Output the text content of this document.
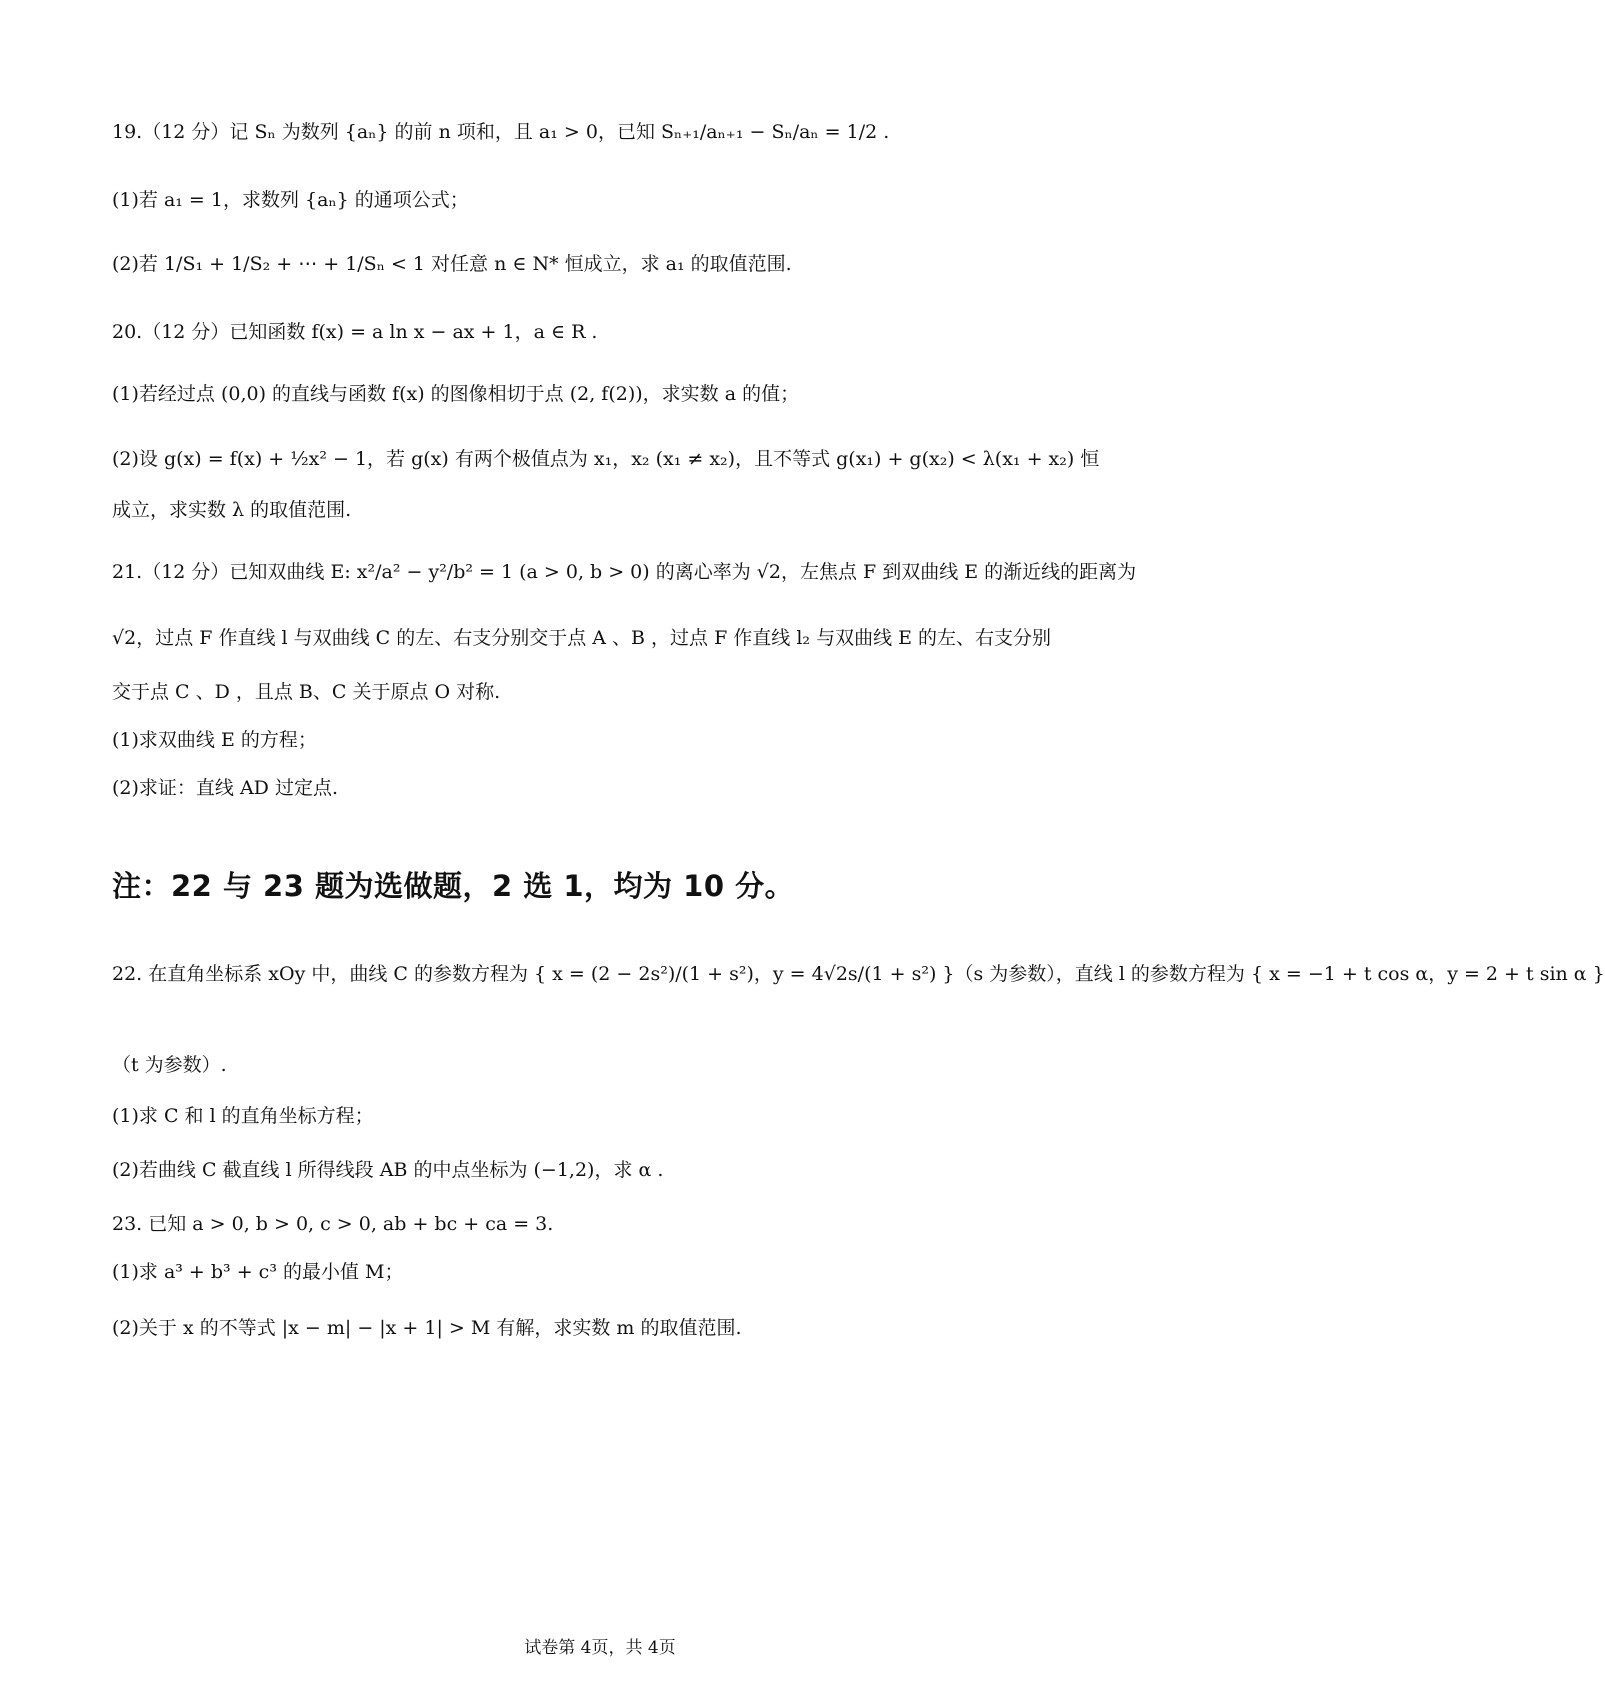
19.（12 分）记 Sₙ 为数列 {aₙ} 的前 n 项和，且 a₁ > 0，已知 Sₙ₊₁/aₙ₊₁ − Sₙ/aₙ = 1/2 .
(1)若 a₁ = 1，求数列 {aₙ} 的通项公式；
(2)若 1/S₁ + 1/S₂ + ⋯ + 1/Sₙ < 1 对任意 n ∈ N* 恒成立，求 a₁ 的取值范围.
20.（12 分）已知函数 f(x) = a ln x − ax + 1，a ∈ R .
(1)若经过点 (0,0) 的直线与函数 f(x) 的图像相切于点 (2, f(2))，求实数 a 的值；
(2)设 g(x) = f(x) + ½x² − 1，若 g(x) 有两个极值点为 x₁，x₂ (x₁ ≠ x₂)，且不等式 g(x₁) + g(x₂) < λ(x₁ + x₂) 恒
成立，求实数 λ 的取值范围.
21.（12 分）已知双曲线 E: x²/a² − y²/b² = 1 (a > 0, b > 0) 的离心率为 √2，左焦点 F 到双曲线 E 的渐近线的距离为
√2，过点 F 作直线 l 与双曲线 C 的左、右支分别交于点 A 、B ，过点 F 作直线 l₂ 与双曲线 E 的左、右支分别
交于点 C 、D ，且点 B、C 关于原点 O 对称.
(1)求双曲线 E 的方程；
(2)求证：直线 AD 过定点.
注：22 与 23 题为选做题，2 选 1，均为 10 分。
22. 在直角坐标系 xOy 中，曲线 C 的参数方程为 { x = (2 − 2s²)/(1 + s²)，y = 4√2s/(1 + s²) }（s 为参数），直线 l 的参数方程为 { x = −1 + t cos α，y = 2 + t sin α }
（t 为参数）.
(1)求 C 和 l 的直角坐标方程；
(2)若曲线 C 截直线 l 所得线段 AB 的中点坐标为 (−1,2)，求 α .
23. 已知 a > 0, b > 0, c > 0, ab + bc + ca = 3.
(1)求 a³ + b³ + c³ 的最小值 M；
(2)关于 x 的不等式 |x − m| − |x + 1| > M 有解，求实数 m 的取值范围.
试卷第 4页，共 4页
